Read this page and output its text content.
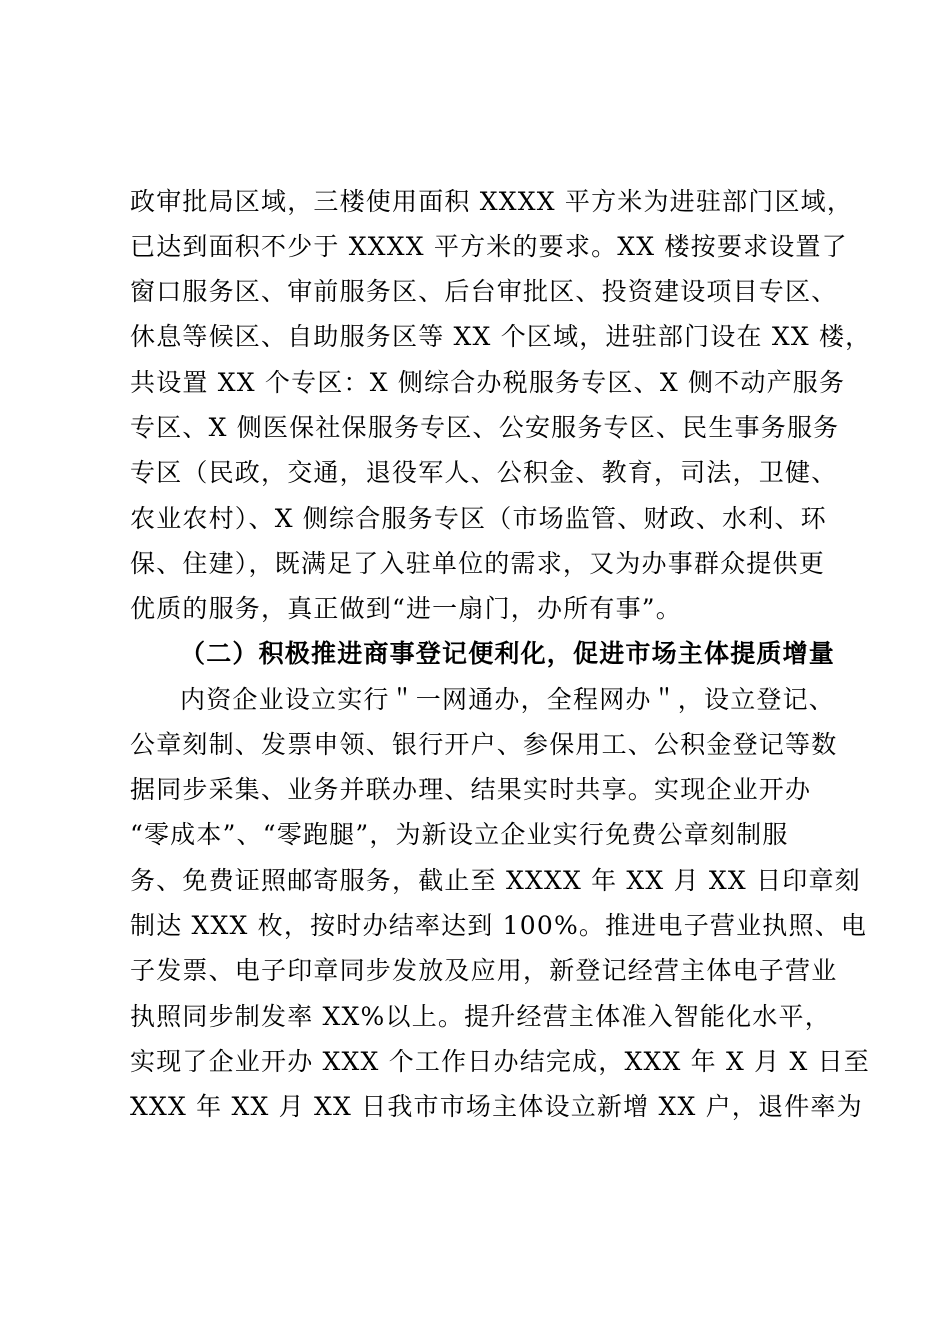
政审批局区域，三楼使用面积 XXXX 平方米为进驻部门区域，
已达到面积不少于 XXXX 平方米的要求。XX 楼按要求设置了
窗口服务区、审前服务区、后台审批区、投资建设项目专区、
休息等候区、自助服务区等 XX 个区域，进驻部门设在 XX 楼，
共设置 XX 个专区：X 侧综合办税服务专区、X 侧不动产服务
专区、X 侧医保社保服务专区、公安服务专区、民生事务服务
专区（民政，交通，退役军人、公积金、教育，司法，卫健、
农业农村）、X 侧综合服务专区（市场监管、财政、水利、环
保、住建），既满足了入驻单位的需求，又为办事群众提供更
优质的服务，真正做到“进一扇门，办所有事”。
（二）积极推进商事登记便利化，促进市场主体提质增量
内资企业设立实行＂一网通办，全程网办＂，设立登记、
公章刻制、发票申领、银行开户、参保用工、公积金登记等数
据同步采集、业务并联办理、结果实时共享。实现企业开办
“零成本”、“零跑腿”，为新设立企业实行免费公章刻制服
务、免费证照邮寄服务，截止至 XXXX 年 XX 月 XX 日印章刻
制达 XXX 枚，按时办结率达到 100%。推进电子营业执照、电
子发票、电子印章同步发放及应用，新登记经营主体电子营业
执照同步制发率 XX%以上。提升经营主体准入智能化水平，
实现了企业开办 XXX 个工作日办结完成，XXX 年 X 月 X 日至
XXX 年 XX 月 XX 日我市市场主体设立新增 XX 户，退件率为
